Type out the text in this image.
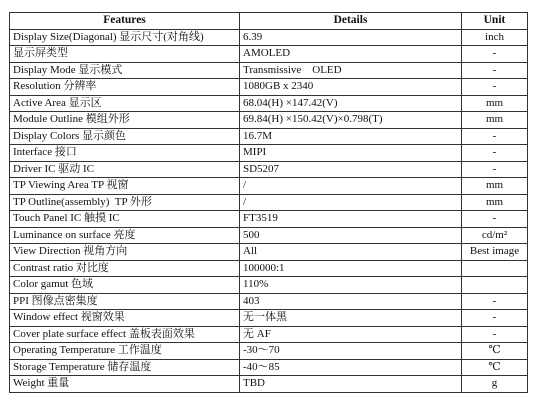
Features	Details	Unit
Display Size(Diagonal) 显示尺寸(对角线)	6.39	inch
显示屏类型	AMOLED	-
Display Mode 显示模式	Transmissive    OLED	-
Resolution 分辨率	1080GB x 2340	-
Active Area 显示区	68.04(H) ×147.42(V)	mm
Module Outline 模组外形	69.84(H) ×150.42(V)×0.798(T)	mm
Display Colors 显示颜色	16.7M	-
Interface 接口	MIPI	-
Driver IC 驱动 IC	SD5207	-
TP Viewing Area TP 视窗	/	mm
TP Outline(assembly)  TP 外形	/	mm
Touch Panel IC 触摸 IC	FT3519	-
Luminance on surface 亮度	500	cd/m²
View Direction 视角方向	All	Best image
Contrast ratio 对比度	100000:1	
Color gamut 色域	110%	
PPI 图像点密集度	403	-
Window effect 视窗效果	无一体黑	-
Cover plate surface effect 盖板表面效果	无 AF	-
Operating Temperature 工作温度	-30～70	℃
Storage Temperature 储存温度	-40～85	℃
Weight 重量	TBD	g
